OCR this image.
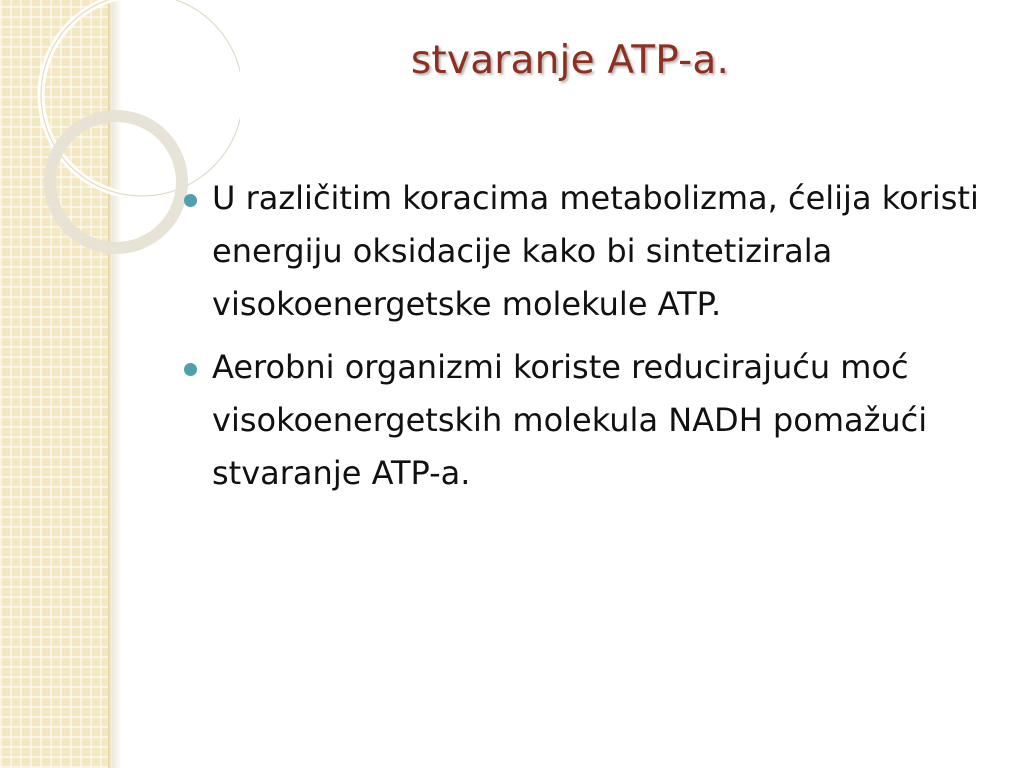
stvaranje ATP-a.
U različitim koracima metabolizma, ćelija koristi energiju oksidacije kako bi sintetizirala visokoenergetske molekule ATP.
Aerobni organizmi koriste reducirajuću moć visokoenergetskih molekula NADH pomažući stvaranje ATP-a.
